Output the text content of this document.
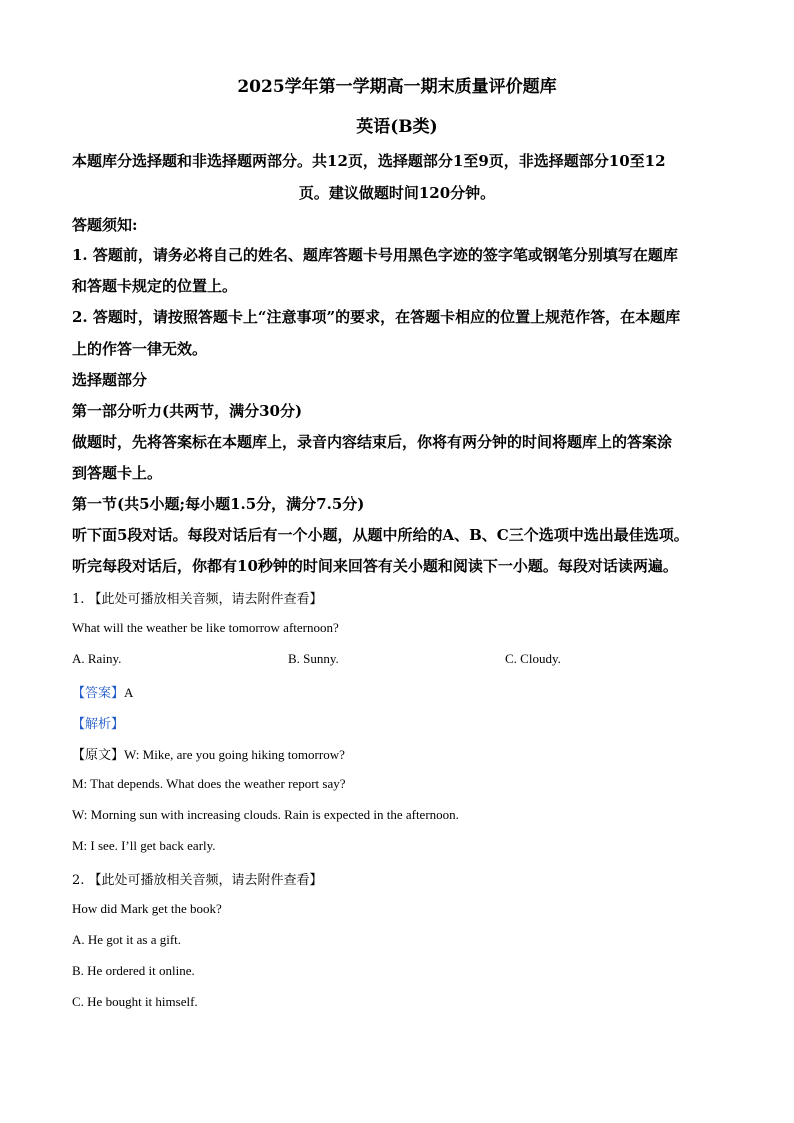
2025学年第一学期高一期末质量评价题库
英语(B类)
本题库分选择题和非选择题两部分。共12页，选择题部分1至9页，非选择题部分10至12
页。建议做题时间120分钟。
答题须知:
1. 答题前，请务必将自己的姓名、题库答题卡号用黑色字迹的签字笔或钢笔分别填写在题库
和答题卡规定的位置上。
2. 答题时，请按照答题卡上“注意事项”的要求，在答题卡相应的位置上规范作答，在本题库
上的作答一律无效。
选择题部分
第一部分听力(共两节，满分30分)
做题时，先将答案标在本题库上，录音内容结束后，你将有两分钟的时间将题库上的答案涂
到答题卡上。
第一节(共5小题;每小题1.5分，满分7.5分)
听下面5段对话。每段对话后有一个小题，从题中所给的A、B、C三个选项中选出最佳选项。
听完每段对话后，你都有10秒钟的时间来回答有关小题和阅读下一小题。每段对话读两遍。
1. 【此处可播放相关音频，请去附件查看】
What will the weather be like tomorrow afternoon?
A. Rainy.	B. Sunny.	C. Cloudy.
【答案】A
【解析】
【原文】W: Mike, are you going hiking tomorrow?
M: That depends. What does the weather report say?
W: Morning sun with increasing clouds. Rain is expected in the afternoon.
M: I see. I’ll get back early.
2. 【此处可播放相关音频，请去附件查看】
How did Mark get the book?
A. He got it as a gift.
B. He ordered it online.
C. He bought it himself.
